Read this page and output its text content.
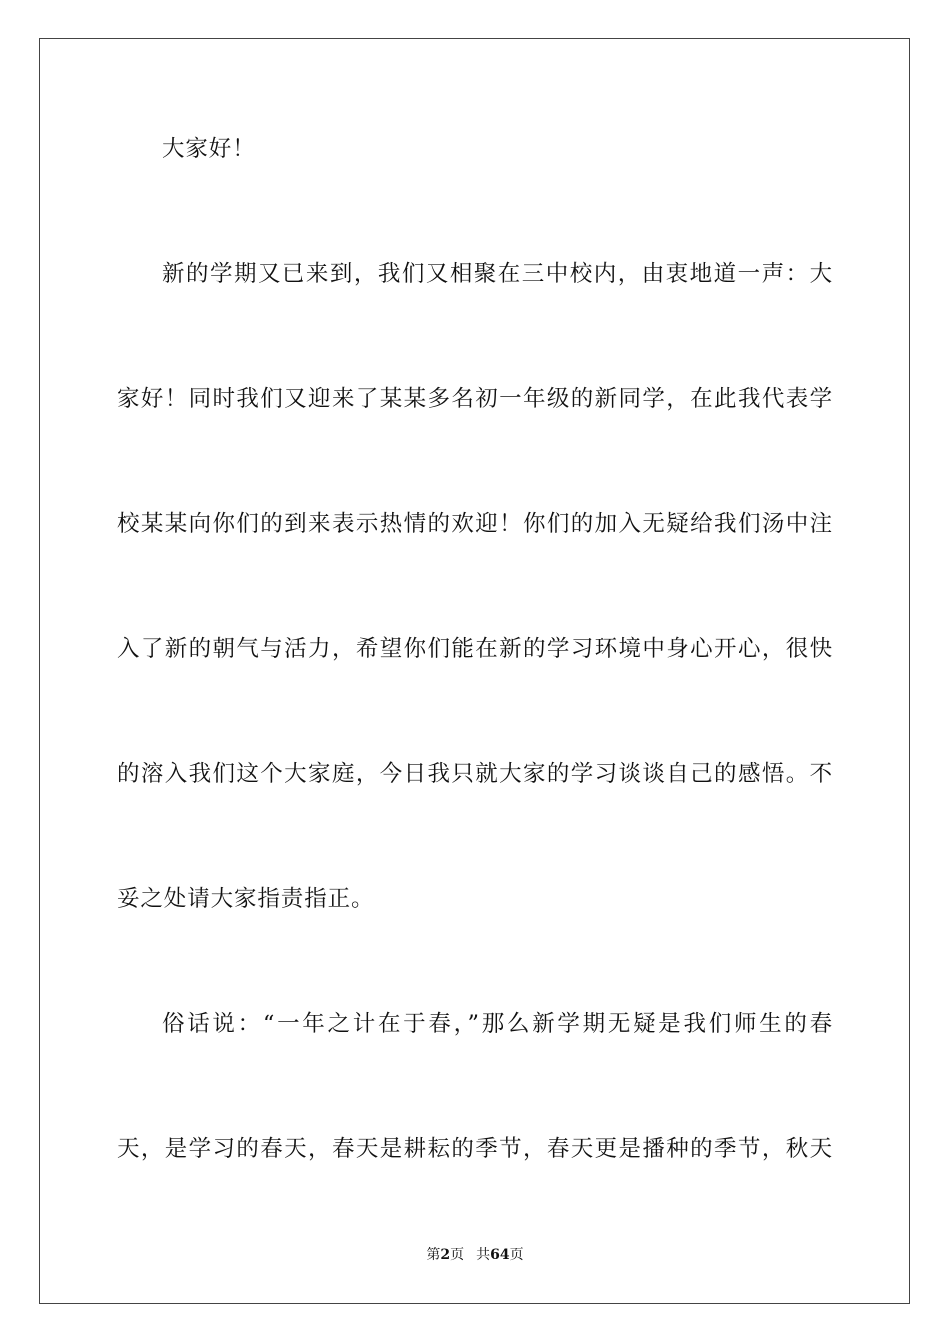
大家好！
新的学期又已来到，我们又相聚在三中校内，由衷地道一声：大
家好！同时我们又迎来了某某多名初一年级的新同学，在此我代表学
校某某向你们的到来表示热情的欢迎！你们的加入无疑给我们汤中注
入了新的朝气与活力，希望你们能在新的学习环境中身心开心，很快
的溶入我们这个大家庭，今日我只就大家的学习谈谈自己的感悟。不
妥之处请大家指责指正。
俗话说：“一年之计在于春，”那么新学期无疑是我们师生的春
天，是学习的春天，春天是耕耘的季节，春天更是播种的季节，秋天
第2页 共64页
